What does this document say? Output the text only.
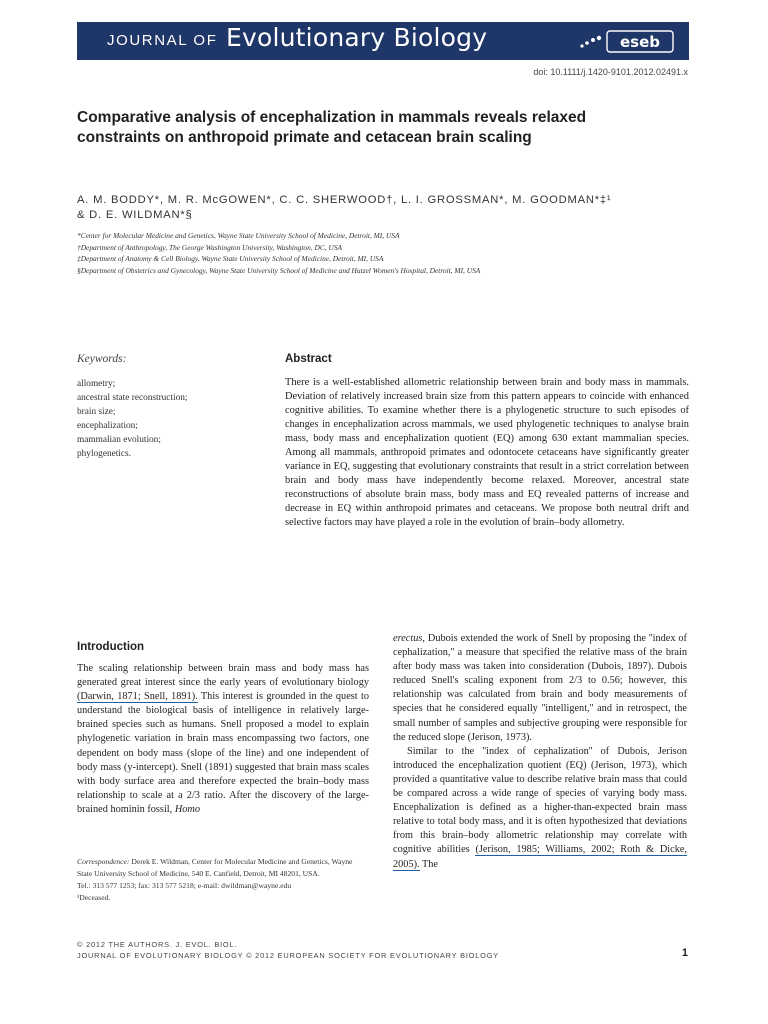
JOURNAL OF Evolutionary Biology	eseb
doi: 10.1111/j.1420-9101.2012.02491.x
Comparative analysis of encephalization in mammals reveals relaxed constraints on anthropoid primate and cetacean brain scaling
A. M. BODDY*, M. R. McGOWEN*, C. C. SHERWOOD†, L. I. GROSSMAN*, M. GOODMAN*‡¹
& D. E. WILDMAN*§
*Center for Molecular Medicine and Genetics, Wayne State University School of Medicine, Detroit, MI, USA
†Department of Anthropology, The George Washington University, Washington, DC, USA
‡Department of Anatomy & Cell Biology, Wayne State University School of Medicine, Detroit, MI, USA
§Department of Obstetrics and Gynecology, Wayne State University School of Medicine and Hutzel Women's Hospital, Detroit, MI, USA
Keywords:
allometry;
ancestral state reconstruction;
brain size;
encephalization;
mammalian evolution;
phylogenetics.
Abstract
There is a well-established allometric relationship between brain and body mass in mammals. Deviation of relatively increased brain size from this pattern appears to coincide with enhanced cognitive abilities. To examine whether there is a phylogenetic structure to such episodes of changes in encephalization across mammals, we used phylogenetic techniques to analyse brain mass, body mass and encephalization quotient (EQ) among 630 extant mammalian species. Among all mammals, anthropoid primates and odontocete cetaceans have significantly greater variance in EQ, suggesting that evolutionary constraints that result in a strict correlation between brain and body mass have independently become relaxed. Moreover, ancestral state reconstructions of absolute brain mass, body mass and EQ revealed patterns of increase and decrease in EQ within anthropoid primates and cetaceans. We propose both neutral drift and selective factors may have played a role in the evolution of brain–body allometry.
Introduction

The scaling relationship between brain mass and body mass has generated great interest since the early years of evolutionary biology (Darwin, 1871; Snell, 1891). This interest is grounded in the quest to understand the biological basis of intelligence in relatively large-brained species such as humans. Snell proposed a model to explain phylogenetic variation in brain mass encompassing two factors, one dependent on body mass (slope of the line) and one independent of body mass (y-intercept). Snell (1891) suggested that brain mass scales with body surface area and therefore expected the brain–body mass relationship to scale at a 2/3 ratio. After the discovery of the large-brained hominin fossil, Homo

erectus, Dubois extended the work of Snell by proposing the ''index of cephalization,'' a measure that specified the relative mass of the brain after body mass was taken into consideration (Dubois, 1897). Dubois reduced Snell's scaling exponent from 2/3 to 0.56; however, this relationship was calculated from brain and body measurements of species that he considered equally ''intelligent,'' and in retrospect, the small number of samples and subjective grouping were responsible for the reduced slope (Jerison, 1973).

Similar to the ''index of cephalization'' of Dubois, Jerison introduced the encephalization quotient (EQ) (Jerison, 1973), which provided a quantitative value to describe relative brain mass that could be compared across a wide range of species of varying body mass. Encephalization is defined as a higher-than-expected brain mass relative to total body mass, and it is often hypothesized that deviations from this brain–body allometric relationship may correlate with cognitive abilities (Jerison, 1985; Williams, 2002; Roth & Dicke, 2005). The

Correspondence: Derek E. Wildman, Center for Molecular Medicine and Genetics, Wayne State University School of Medicine, 540 E. Canfield, Detroit, MI 48201, USA.
Tel.: 313 577 1253; fax: 313 577 5218; e-mail: dwildman@wayne.edu
¹Deceased.
© 2012 THE AUTHORS. J. EVOL. BIOL.
JOURNAL OF EVOLUTIONARY BIOLOGY © 2012 EUROPEAN SOCIETY FOR EVOLUTIONARY BIOLOGY	1
